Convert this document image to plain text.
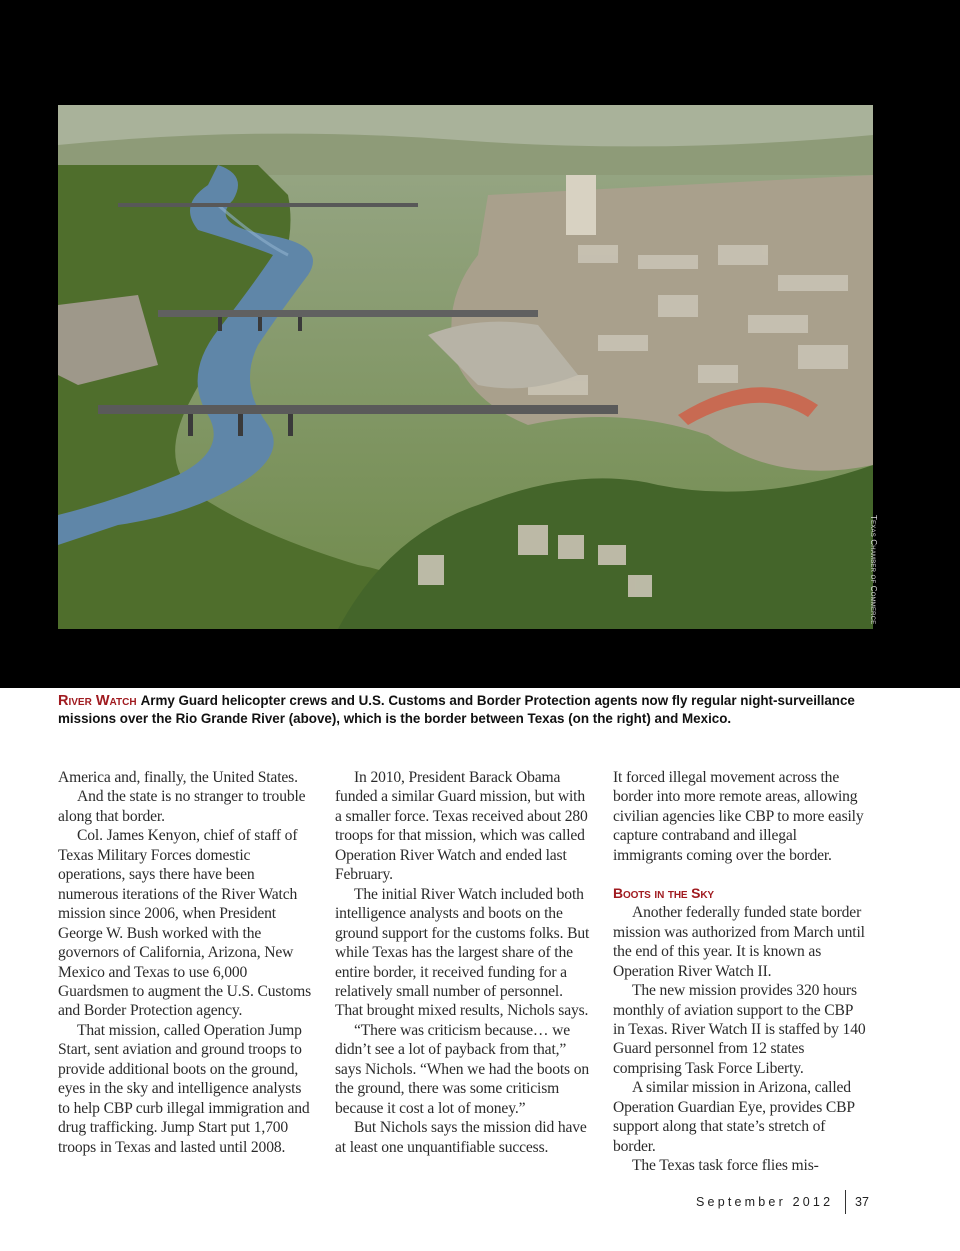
Texas Chamber of Commerce
River Watch Army Guard helicopter crews and U.S. Customs and Border Protection agents now fly regular night-surveillance missions over the Rio Grande River (above), which is the border between Texas (on the right) and Mexico.

America and, finally, the United States.

And the state is no stranger to trouble along that border.

Col. James Kenyon, chief of staff of Texas Military Forces domestic operations, says there have been numerous iterations of the River Watch mission since 2006, when President George W. Bush worked with the governors of California, Arizona, New Mexico and Texas to use 6,000 Guardsmen to augment the U.S. Customs and Border Protection agency.

That mission, called Operation Jump Start, sent aviation and ground troops to provide additional boots on the ground, eyes in the sky and intelligence analysts to help CBP curb illegal immigration and drug trafficking. Jump Start put 1,700 troops in Texas and lasted until 2008.

In 2010, President Barack Obama funded a similar Guard mission, but with a smaller force. Texas received about 280 troops for that mission, which was called Operation River Watch and ended last February.

The initial River Watch included both intelligence analysts and boots on the ground support for the customs folks. But while Texas has the largest share of the entire border, it received funding for a relatively small number of personnel. That brought mixed results, Nichols says.

“There was criticism because… we didn’t see a lot of payback from that,” says Nichols. “When we had the boots on the ground, there was some criticism because it cost a lot of money.”

But Nichols says the mission did have at least one unquantifiable success.

It forced illegal movement across the border into more remote areas, allowing civilian agencies like CBP to more easily capture contraband and illegal immigrants coming over the border.

Boots in the Sky

Another federally funded state border mission was authorized from March until the end of this year. It is known as Operation River Watch II.

The new mission provides 320 hours monthly of aviation support to the CBP in Texas. River Watch II is staffed by 140 Guard personnel from 12 states comprising Task Force Liberty.

A similar mission in Arizona, called Operation Guardian Eye, provides CBP support along that state’s stretch of border.

The Texas task force flies mis-

September 2012 37
